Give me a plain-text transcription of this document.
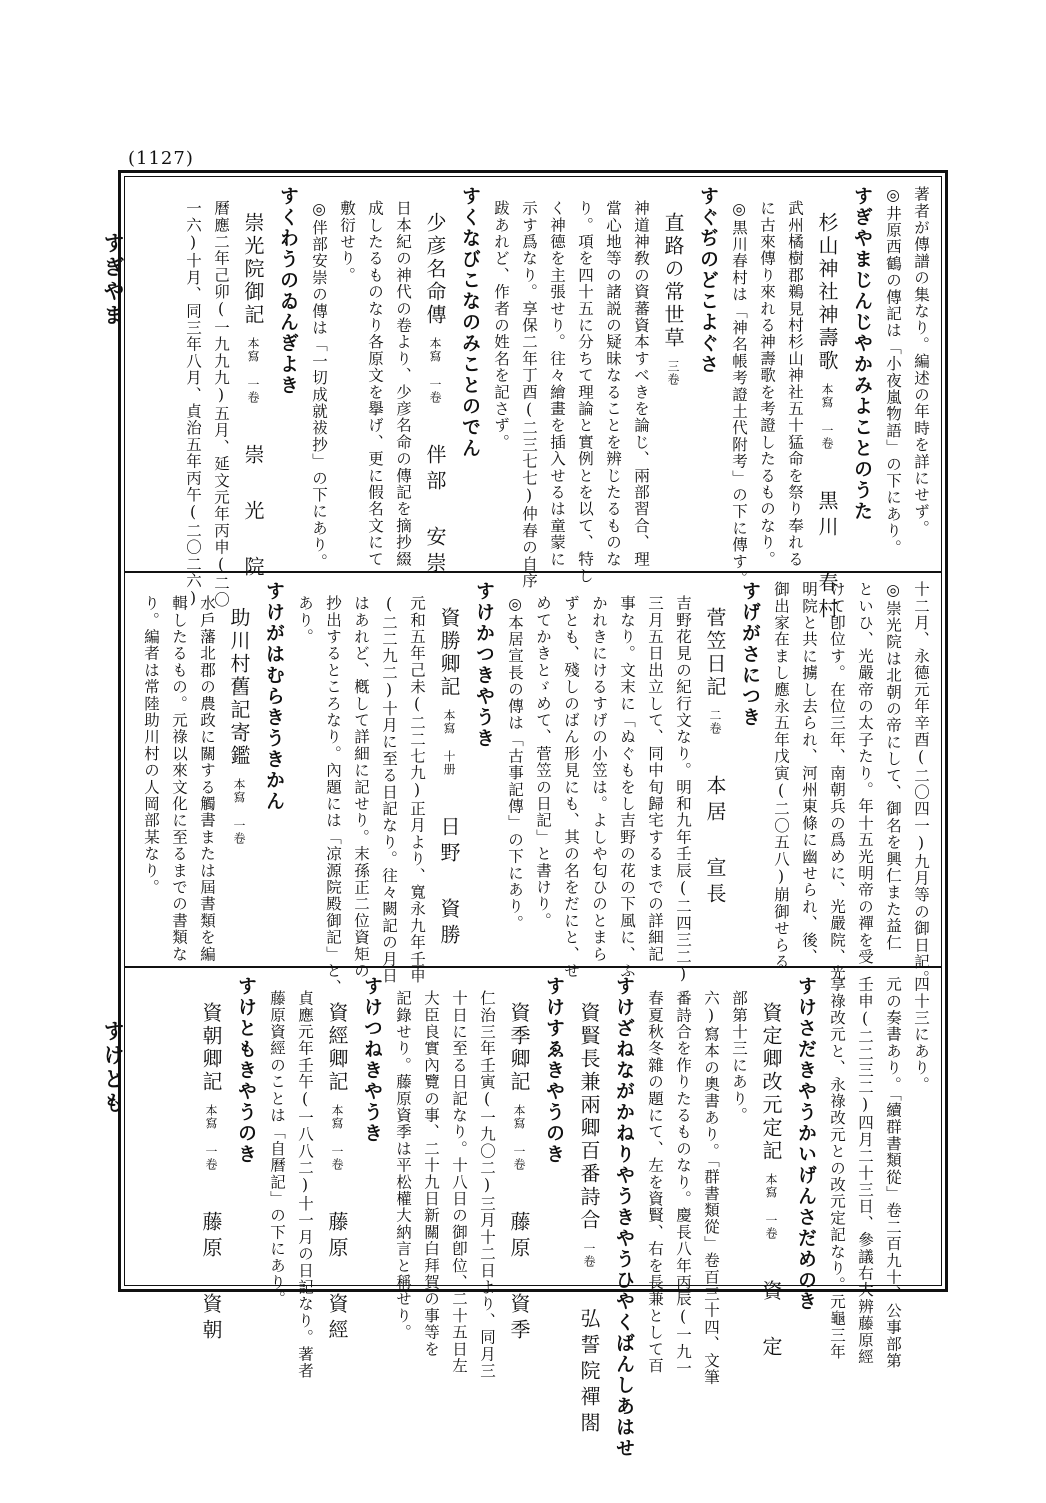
(1127)
すぎやま
すけとも
著者が傳譜の集なり。編述の年時を詳にせず。
◎井原西鶴の傳記は「小夜嵐物語」の下にあり。
すぎやまじんじやかみよことのうた
杉山神社神壽歌本寫 一卷黒川 春村
武州橘樹郡鵜見村杉山神社五十猛命を祭り奉れる
に古來傳り來れる神壽歌を考證したるものなり。
◎黒川春村は「神名帳考證土代附考」の下に傳す。
すぐぢのどこよぐさ
直路の常世草三卷
神道神敎の資蕃資本すべきを論じ、兩部習合、理
當心地等の諸説の疑昧なることを辨じたるものな
り。項を四十五に分ちて理論と實例とを以て、特し
く神德を主張せり。往々繪畫を插入せるは童蒙に
示す爲なり。享保二年丁酉(二三七七)仲春の自序
跋あれど、作者の姓名を記さず。
すくなびこなのみことのでん
少彦名命傳本寫 一卷伴部 安崇
日本紀の神代の卷より、少彦名命の傳記を摘抄綴
成したるものなり各原文を擧げ、更に假名文にて
敷衍せり。
◎伴部安崇の傳は「一切成就祓抄」の下にあり。
すくわうのゐんぎよき
崇光院御記本寫 一卷崇 光 院
曆應二年己卯(一九九九)五月、延文元年丙申(二〇
一六)十月、同三年八月、貞治五年丙午(二〇二六)
十二月、永德元年辛酉(二〇四一)九月等の御日記。
◎崇光院は北朝の帝にして、御名を興仁また益仁
といひ、光嚴帝の太子たり。年十五光明帝の禪を受
けて卽位す。在位三年、南朝兵の爲めに、光嚴院、光
明院と共に擄し去られ、河州東條に幽せられ、後、
御出家在まし應永五年戊寅(二〇五八)崩御せらる
すげがさにつき
菅笠日記二卷本居 宣長
吉野花見の紀行文なり。明和九年壬辰(二四三二)
三月五日出立して、同中旬歸宅するまでの詳細記
事なり。文末に「ぬぐもをし吉野の花の下風に、ふ
かれきにけるすげの小笠は。よしや匂ひのとまら
ずとも、殘しのばん形見にも、其の名をだにと、せ
めてかきとゞめて、菅笠の日記」と書けり。
◎本居宣長の傳は「古事記傳」の下にあり。
すけかつきやうき
資勝卿記本寫 十册日野 資勝
元和五年己未(二二七九)正月より、寬永九年壬申
(二二九二)十月に至る日記なり。往々闕記の月日
はあれど、槪して詳細に記せり。末孫正二位資矩の
抄出するところなり。內題には「凉源院殿御記」と、
あり。
すけがはむらきうきかん
助川村舊記寄鑑本寫 一卷
水戶藩北郡の農政に關する觸書または屆書類を編
輯したるもの。元祿以來文化に至るまでの書類な
り。編者は常陸助川村の人岡部某なり。
四十三にあり。
元の奏書あり。「續群書類從」卷二百九十、公事部第
壬申(二二三二)四月二十三日、參議右大辨藤原經
享祿改元と、永祿改元との改元定記なり。元龜三年
すけさだきやうかいげんさだめのき
資定卿改元定記本寫 一卷資 定
部第十三にあり。
六)寫本の奧書あり。「群書類從」卷百三十四、文筆
番詩合を作りたるものなり。慶長八年丙辰(一九一
春夏秋冬雜の題にて、左を資賢、右を長兼として百
すけざねながかねりやうきやうひやくばんしあはせ
資賢長兼兩卿百番詩合一卷弘誓院禪閤
すけすゑきやうのき
資季卿記本寫 一卷藤原 資季
仁治三年壬寅(一九〇二)三月十二日より、同月三
十日に至る日記なり。十八日の御卽位、二十五日左
大臣良實內覽の事、二十九日新關白拜賀の事等を
記錄せり。藤原資季は平松權大納言と稱せり。
すけつねきやうき
資經卿記本寫 一卷藤原 資經
貞應元年壬午(一八八二)十一月の日記なり。著者
藤原資經のことは「自曆記」の下にあり。
すけともきやうのき
資朝卿記本寫 一卷藤原 資朝
